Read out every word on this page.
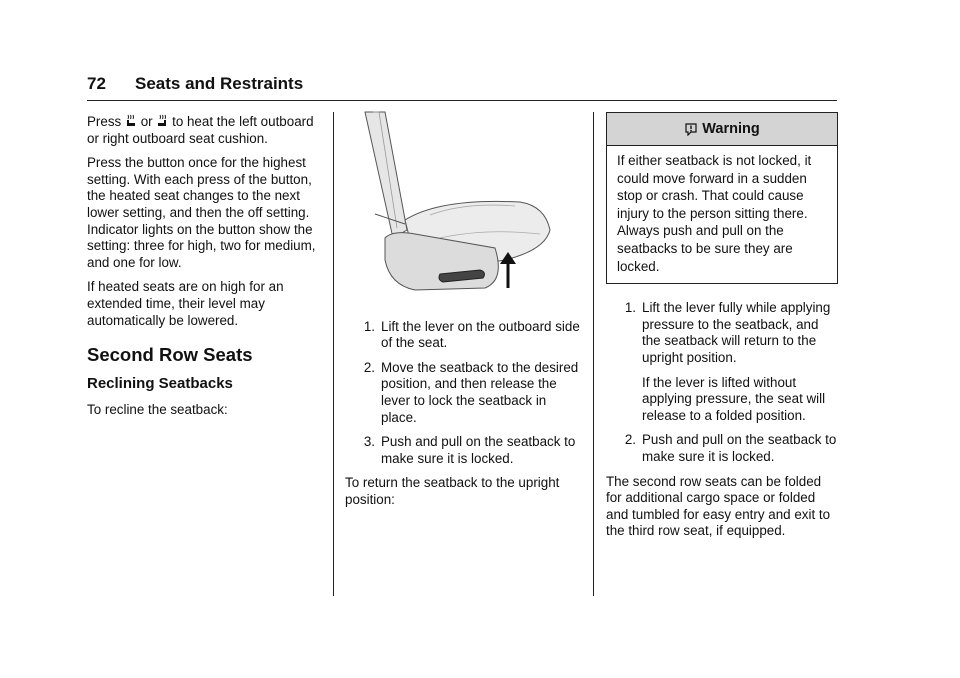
72 Seats and Restraints

Press or to heat the left outboard or right outboard seat cushion.

Press the button once for the highest setting. With each press of the button, the heated seat changes to the next lower setting, and then the off setting. Indicator lights on the button show the setting: three for high, two for medium, and one for low.

If heated seats are on high for an extended time, their level may automatically be lowered.

Second Row Seats
Reclining Seatbacks

To recline the seatback:

1. Lift the lever on the outboard side of the seat.
2. Move the seatback to the desired position, and then release the lever to lock the seatback in place.
3. Push and pull on the seatback to make sure it is locked.

To return the seatback to the upright position:

Warning
If either seatback is not locked, it could move forward in a sudden stop or crash. That could cause injury to the person sitting there. Always push and pull on the seatbacks to be sure they are locked.
1. Lift the lever fully while applying pressure to the seatback, and the seatback will return to the upright position.

If the lever is lifted without applying pressure, the seat will release to a folded position.

2. Push and pull on the seatback to make sure it is locked.

The second row seats can be folded for additional cargo space or folded and tumbled for easy entry and exit to the third row seat, if equipped.
